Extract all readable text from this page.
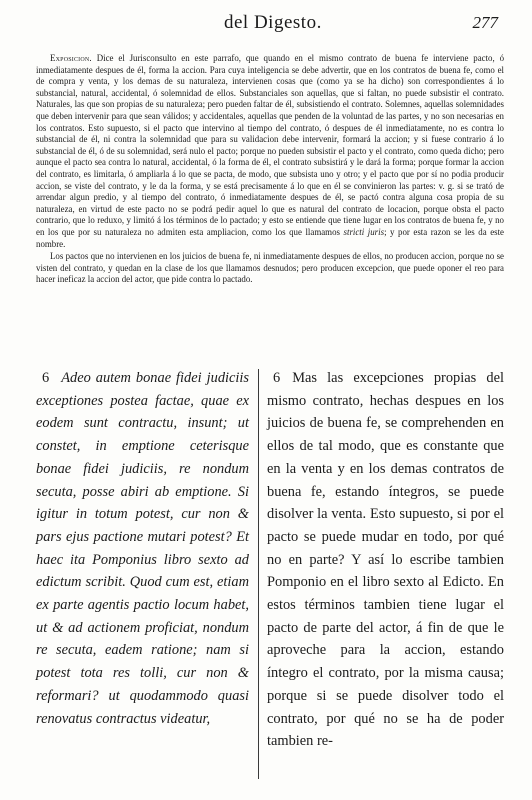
del Digesto.	277

Exposicion. Dice el Jurisconsulto en este parrafo, que quando en el mismo contrato de buena fe interviene pacto, ó inmediatamente despues de él, forma la accion. Para cuya inteligencia se debe advertir, que en los contratos de buena fe, como el de compra y venta, y los demas de su naturaleza, intervienen cosas que (como ya se ha dicho) son correspondientes á lo substancial, natural, accidental, ó solemnidad de ellos. Substanciales son aquellas, que si faltan, no puede subsistir el contrato. Naturales, las que son propias de su naturaleza; pero pueden faltar de él, subsistiendo el contrato. Solemnes, aquellas solemnidades que deben intervenir para que sean válidos; y accidentales, aquellas que penden de la voluntad de las partes, y no son necesarias en los contratos. Esto supuesto, si el pacto que intervino al tiempo del contrato, ó despues de él inmediatamente, no es contra lo substancial de él, ni contra la solemnidad que para su validacion debe intervenir, formará la accion; y si fuese contrario á lo substancial de él, ó de su solemnidad, será nulo el pacto; porque no pueden subsistir el pacto y el contrato, como queda dicho; pero aunque el pacto sea contra lo natural, accidental, ó la forma de él, el contrato subsistirá y le dará la forma; porque formar la accion del contrato, es limitarla, ó ampliarla á lo que se pacta, de modo, que subsista uno y otro; y el pacto que por sí no podia producir accion, se viste del contrato, y le da la forma, y se está precisamente á lo que en él se convinieron las partes: v. g. si se trató de arrendar algun predio, y al tiempo del contrato, ó inmediatamente despues de él, se pactó contra alguna cosa propia de su naturaleza, en virtud de este pacto no se podrá pedir aquel lo que es natural del contrato de locacion, porque obsta el pacto contrario, que lo reduxo, y limitó á los términos de lo pactado; y esto se entiende que tiene lugar en los contratos de buena fe, y no en los que por su naturaleza no admiten esta ampliacion, como los que llamamos stricti juris; y por esta razon se les da este nombre.

Los pactos que no intervienen en los juicios de buena fe, ni inmediatamente despues de ellos, no producen accion, porque no se visten del contrato, y quedan en la clase de los que llamamos desnudos; pero producen excepcion, que puede oponer el reo para hacer ineficaz la accion del actor, que pide contra lo pactado.

6 Adeo autem bonae fidei judiciis exceptiones postea factae, quae ex eodem sunt contractu, insunt; ut constet, in emptione ceterisque bonae fidei judiciis, re nondum secuta, posse abiri ab emptione. Si igitur in totum potest, cur non & pars ejus pactione mutari potest? Et haec ita Pomponius libro sexto ad edictum scribit. Quod cum est, etiam ex parte agentis pactio locum habet, ut & ad actionem proficiat, nondum re secuta, eadem ratione; nam si potest tota res tolli, cur non & reformari? ut quodammodo quasi renovatus contractus videatur,

6 Mas las excepciones propias del mismo contrato, hechas despues en los juicios de buena fe, se comprehenden en ellos de tal modo, que es constante que en la venta y en los demas contratos de buena fe, estando íntegros, se puede disolver la venta. Esto supuesto, si por el pacto se puede mudar en todo, por qué no en parte? Y así lo escribe tambien Pomponio en el libro sexto al Edicto. En estos términos tambien tiene lugar el pacto de parte del actor, á fin de que le aproveche para la accion, estando íntegro el contrato, por la misma causa; porque si se puede disolver todo el contrato, por qué no se ha de poder tambien re-
